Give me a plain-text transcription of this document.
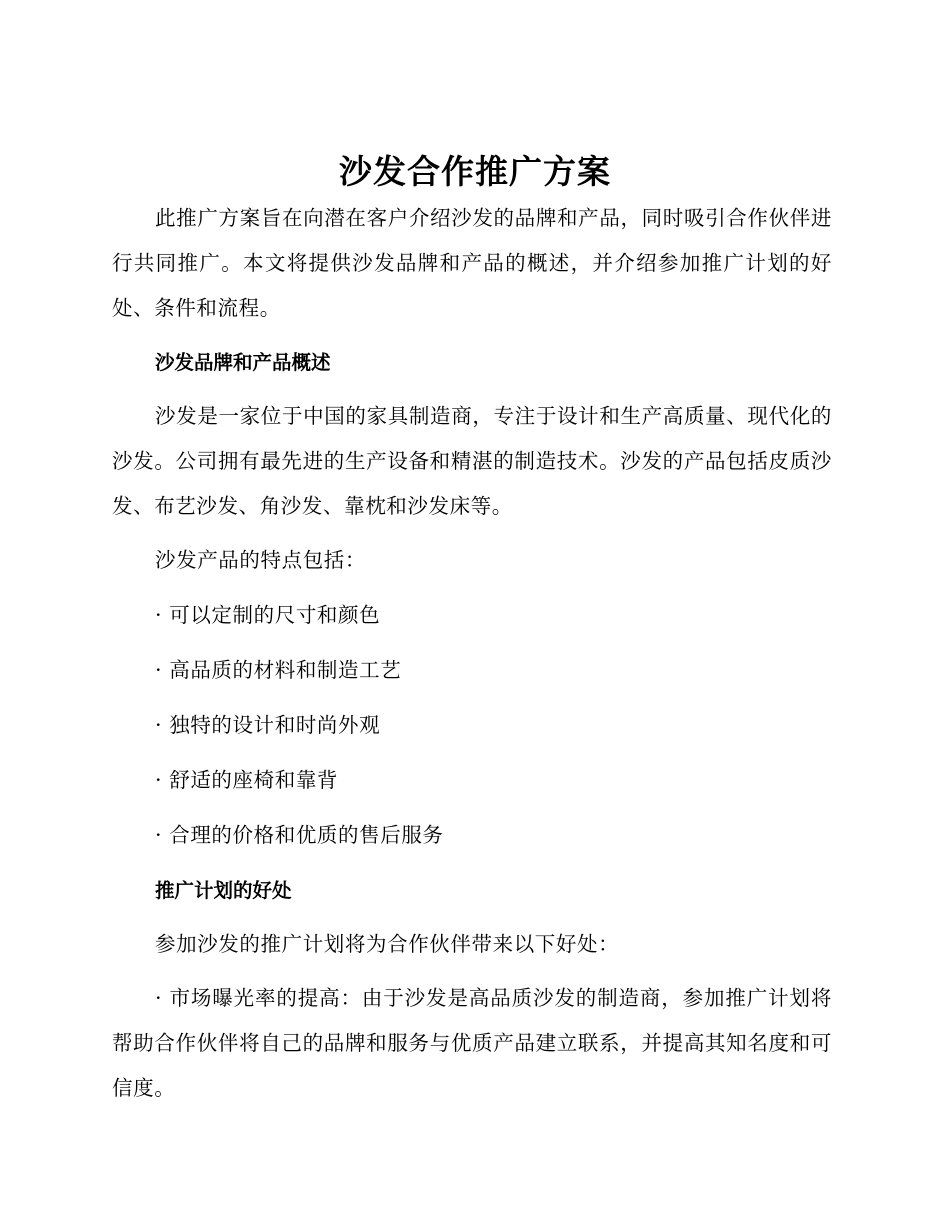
沙发合作推广方案

此推广方案旨在向潜在客户介绍沙发的品牌和产品，同时吸引合作伙伴进行共同推广。本文将提供沙发品牌和产品的概述，并介绍参加推广计划的好处、条件和流程。

沙发品牌和产品概述

沙发是一家位于中国的家具制造商，专注于设计和生产高质量、现代化的沙发。公司拥有最先进的生产设备和精湛的制造技术。沙发的产品包括皮质沙发、布艺沙发、角沙发、靠枕和沙发床等。

沙发产品的特点包括：

· 可以定制的尺寸和颜色

· 高品质的材料和制造工艺

· 独特的设计和时尚外观

· 舒适的座椅和靠背

· 合理的价格和优质的售后服务

推广计划的好处

参加沙发的推广计划将为合作伙伴带来以下好处：

· 市场曝光率的提高：由于沙发是高品质沙发的制造商，参加推广计划将帮助合作伙伴将自己的品牌和服务与优质产品建立联系，并提高其知名度和可信度。
